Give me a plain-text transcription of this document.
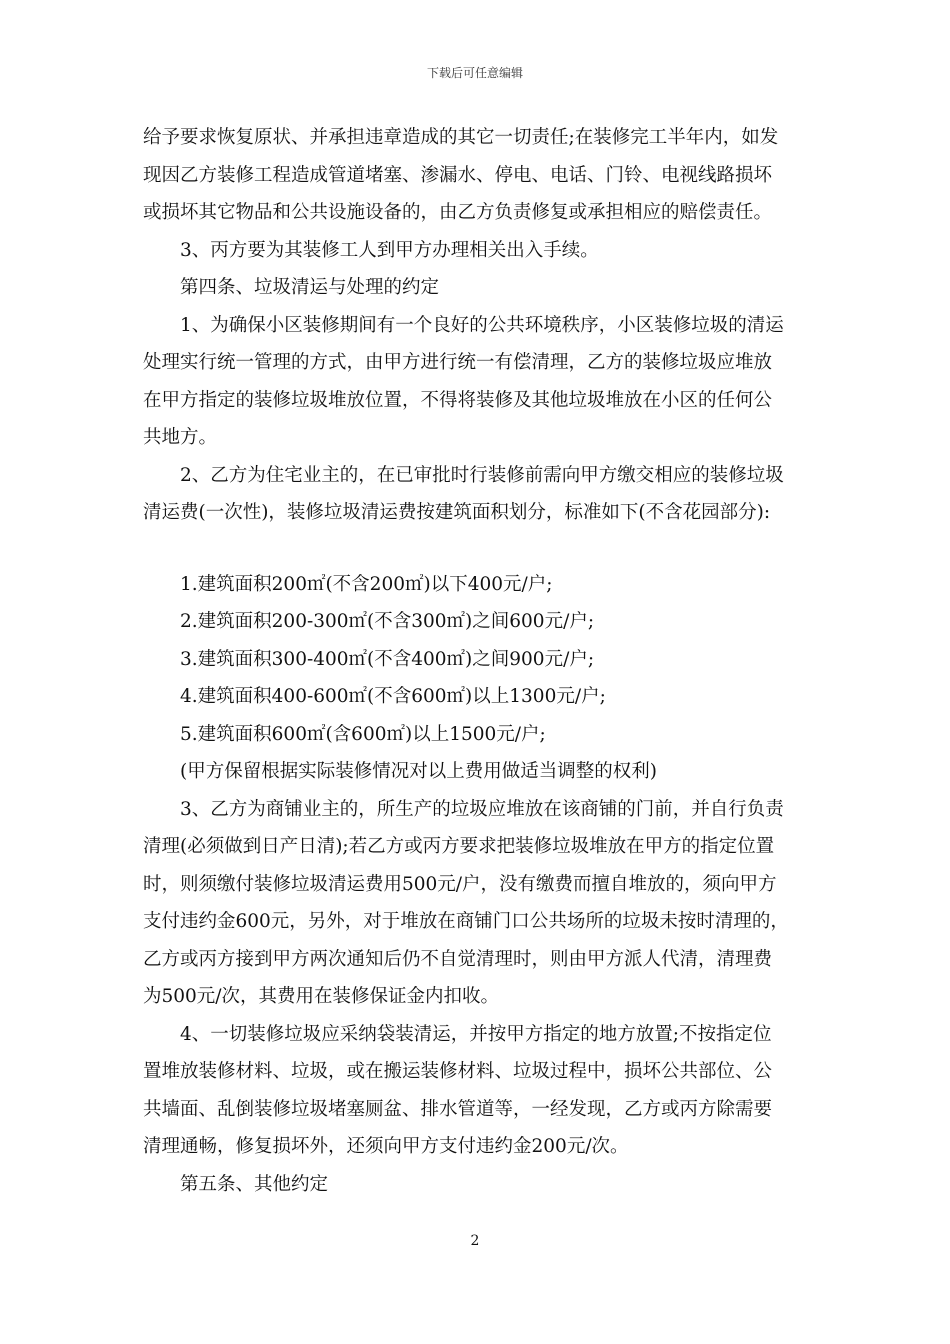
下载后可任意编辑
给予要求恢复原状、并承担违章造成的其它一切责任;在装修完工半年内，如发
现因乙方装修工程造成管道堵塞、渗漏水、停电、电话、门铃、电视线路损坏
或损坏其它物品和公共设施设备的，由乙方负责修复或承担相应的赔偿责任。
3、丙方要为其装修工人到甲方办理相关出入手续。
第四条、垃圾清运与处理的约定
1、为确保小区装修期间有一个良好的公共环境秩序，小区装修垃圾的清运
处理实行统一管理的方式，由甲方进行统一有偿清理，乙方的装修垃圾应堆放
在甲方指定的装修垃圾堆放位置，不得将装修及其他垃圾堆放在小区的任何公
共地方。
2、乙方为住宅业主的，在已审批时行装修前需向甲方缴交相应的装修垃圾
清运费(一次性)，装修垃圾清运费按建筑面积划分，标准如下(不含花园部分):
1.建筑面积200㎡(不含200㎡)以下400元/户;
2.建筑面积200-300㎡(不含300㎡)之间600元/户;
3.建筑面积300-400㎡(不含400㎡)之间900元/户;
4.建筑面积400-600㎡(不含600㎡)以上1300元/户;
5.建筑面积600㎡(含600㎡)以上1500元/户;
(甲方保留根据实际装修情况对以上费用做适当调整的权利)
3、乙方为商铺业主的，所生产的垃圾应堆放在该商铺的门前，并自行负责
清理(必须做到日产日清);若乙方或丙方要求把装修垃圾堆放在甲方的指定位置
时，则须缴付装修垃圾清运费用500元/户，没有缴费而擅自堆放的，须向甲方
支付违约金600元，另外，对于堆放在商铺门口公共场所的垃圾未按时清理的，
乙方或丙方接到甲方两次通知后仍不自觉清理时，则由甲方派人代清，清理费
为500元/次，其费用在装修保证金内扣收。
4、一切装修垃圾应采纳袋装清运，并按甲方指定的地方放置;不按指定位
置堆放装修材料、垃圾，或在搬运装修材料、垃圾过程中，损坏公共部位、公
共墙面、乱倒装修垃圾堵塞厕盆、排水管道等，一经发现，乙方或丙方除需要
清理通畅，修复损坏外，还须向甲方支付违约金200元/次。
第五条、其他约定
2
